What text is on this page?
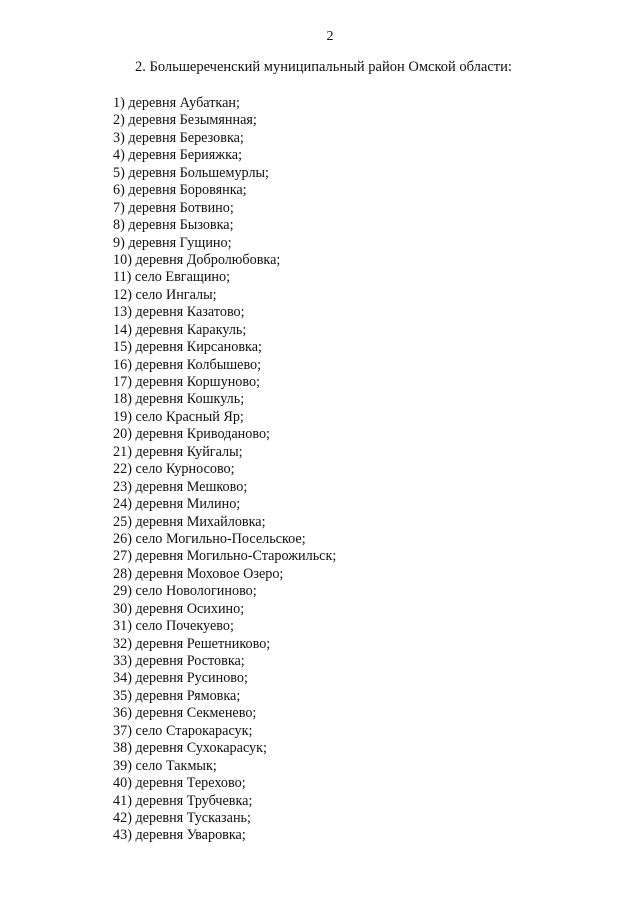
2
2. Большереченский муниципальный район Омской области:
1) деревня Аубаткан;
2) деревня Безымянная;
3) деревня Березовка;
4) деревня Берияжка;
5) деревня Большемурлы;
6) деревня Боровянка;
7) деревня Ботвино;
8) деревня Бызовка;
9) деревня Гущино;
10) деревня Добролюбовка;
11) село Евгащино;
12) село Ингалы;
13) деревня Казатово;
14) деревня Каракуль;
15) деревня Кирсановка;
16) деревня Колбышево;
17) деревня Коршуново;
18) деревня Кошкуль;
19) село Красный Яр;
20) деревня Криводаново;
21) деревня Куйгалы;
22) село Курносово;
23) деревня Мешково;
24) деревня Милино;
25) деревня Михайловка;
26) село Могильно-Посельское;
27) деревня Могильно-Старожильск;
28) деревня Моховое Озеро;
29) село Новологиново;
30) деревня Осихино;
31) село Почекуево;
32) деревня Решетниково;
33) деревня Ростовка;
34) деревня Русиново;
35) деревня Рямовка;
36) деревня Секменево;
37) село Старокарасук;
38) деревня Сухокарасук;
39) село Такмык;
40) деревня Терехово;
41) деревня Трубчевка;
42) деревня Тусказань;
43) деревня Уваровка;
